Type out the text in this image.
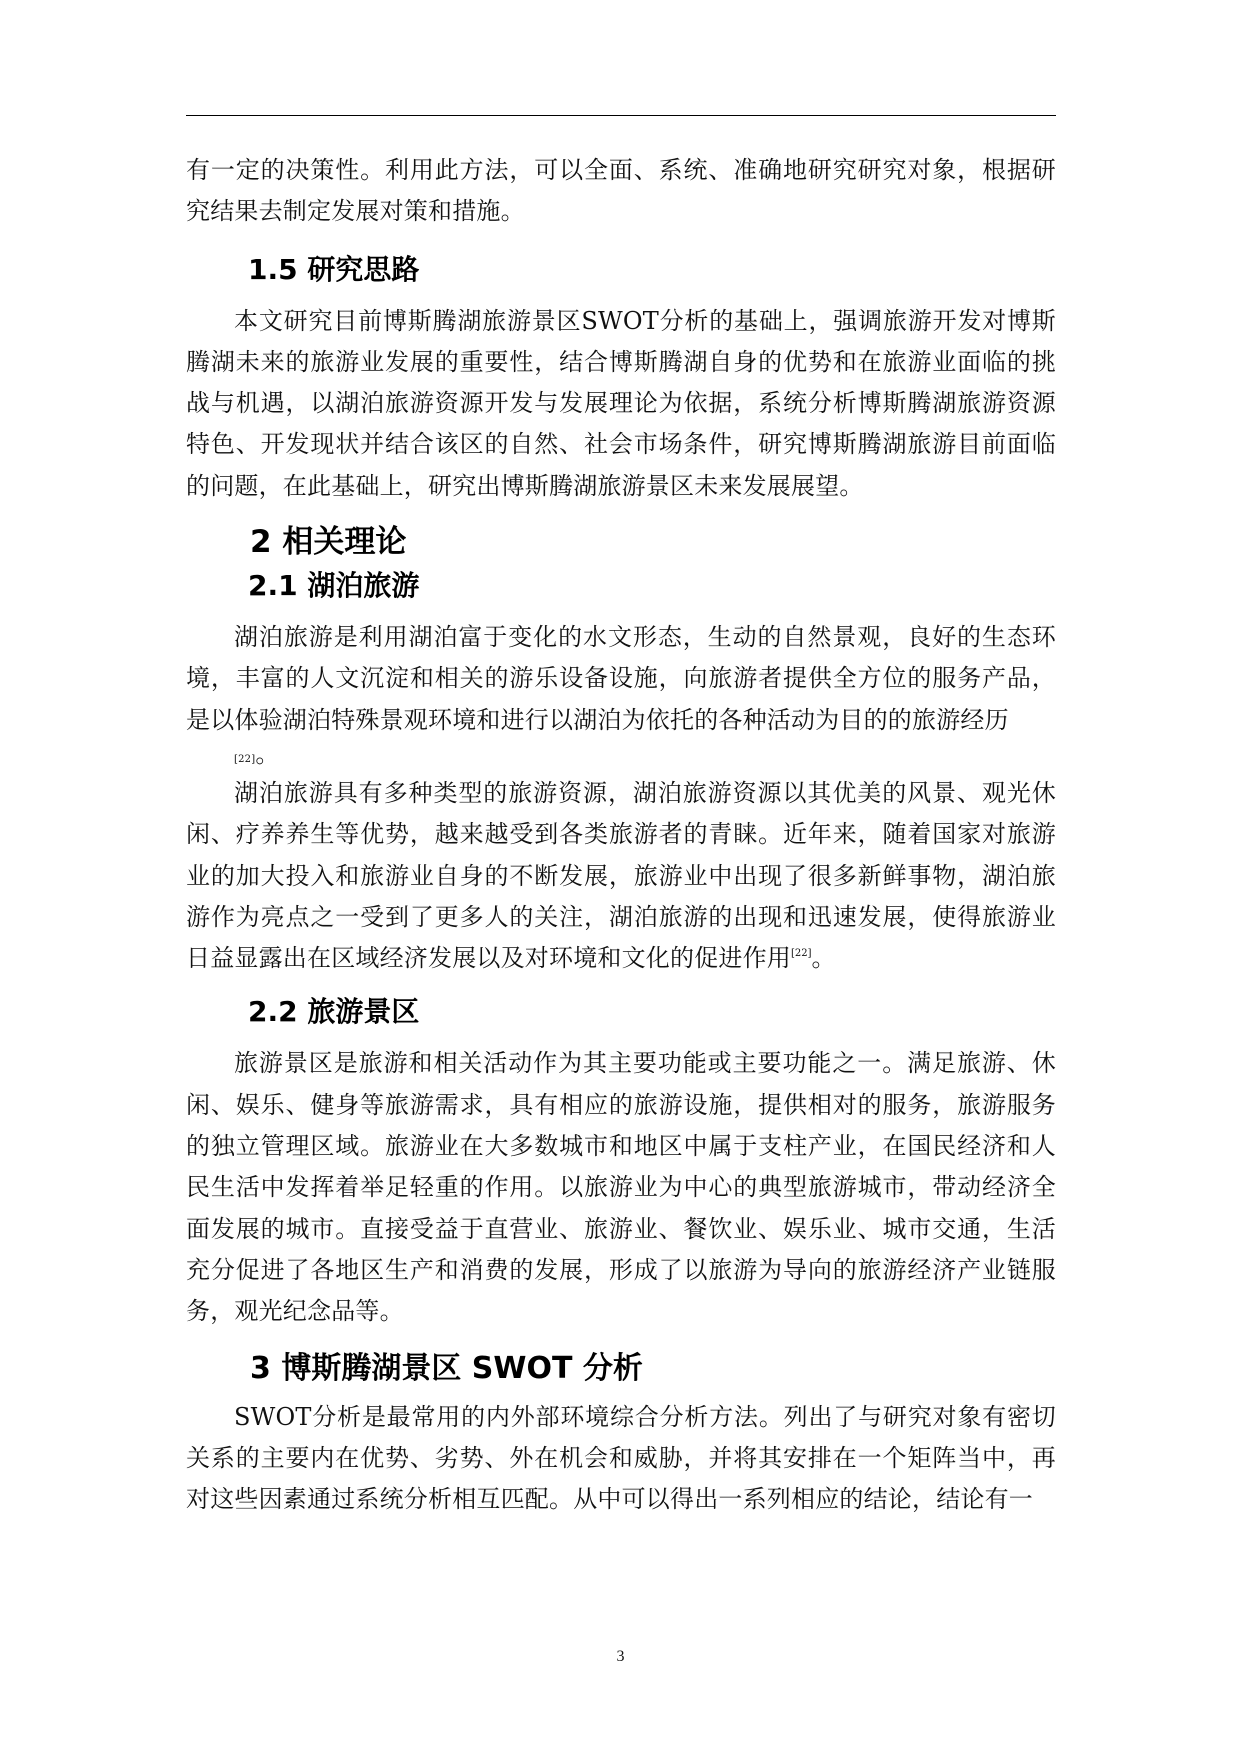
有一定的决策性。利用此方法，可以全面、系统、准确地研究研究对象，根据研究结果去制定发展对策和措施。

1.5 研究思路

本文研究目前博斯腾湖旅游景区SWOT分析的基础上，强调旅游开发对博斯腾湖未来的旅游业发展的重要性，结合博斯腾湖自身的优势和在旅游业面临的挑战与机遇，以湖泊旅游资源开发与发展理论为依据，系统分析博斯腾湖旅游资源特色、开发现状并结合该区的自然、社会市场条件，研究博斯腾湖旅游目前面临的问题，在此基础上，研究出博斯腾湖旅游景区未来发展展望。

2 相关理论
2.1 湖泊旅游

湖泊旅游是利用湖泊富于变化的水文形态，生动的自然景观，良好的生态环境，丰富的人文沉淀和相关的游乐设备设施，向旅游者提供全方位的服务产品，是以体验湖泊特殊景观环境和进行以湖泊为依托的各种活动为目的的旅游经历
[22]。

湖泊旅游具有多种类型的旅游资源，湖泊旅游资源以其优美的风景、观光休闲、疗养养生等优势，越来越受到各类旅游者的青睐。近年来，随着国家对旅游业的加大投入和旅游业自身的不断发展，旅游业中出现了很多新鲜事物，湖泊旅游作为亮点之一受到了更多人的关注，湖泊旅游的出现和迅速发展，使得旅游业日益显露出在区域经济发展以及对环境和文化的促进作用[22]。

2.2 旅游景区

旅游景区是旅游和相关活动作为其主要功能或主要功能之一。满足旅游、休闲、娱乐、健身等旅游需求，具有相应的旅游设施，提供相对的服务，旅游服务的独立管理区域。旅游业在大多数城市和地区中属于支柱产业，在国民经济和人民生活中发挥着举足轻重的作用。以旅游业为中心的典型旅游城市，带动经济全面发展的城市。直接受益于直营业、旅游业、餐饮业、娱乐业、城市交通，生活充分促进了各地区生产和消费的发展，形成了以旅游为导向的旅游经济产业链服务，观光纪念品等。

3 博斯腾湖景区 SWOT 分析

SWOT分析是最常用的内外部环境综合分析方法。列出了与研究对象有密切关系的主要内在优势、劣势、外在机会和威胁，并将其安排在一个矩阵当中，再对这些因素通过系统分析相互匹配。从中可以得出一系列相应的结论，结论有一

3
